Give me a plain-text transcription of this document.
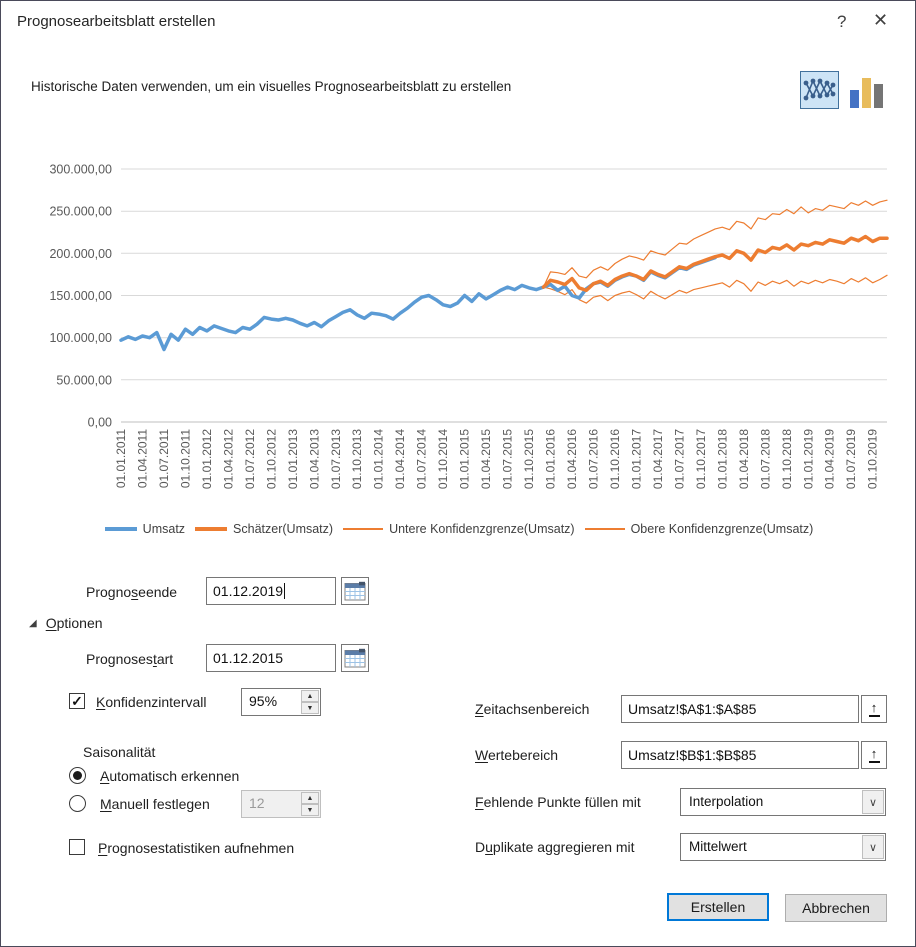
Prognosearbeitsblatt erstellen	? ✕
Historische Daten verwenden, um ein visuelles Prognosearbeitsblatt zu erstellen
0,00
50.000,00
100.000,00
150.000,00
200.000,00
250.000,00
300.000,00
01.01.2011 01.04.2011 01.07.2011 01.10.2011 01.01.2012 01.04.2012 01.07.2012 01.10.2012 01.01.2013 01.04.2013 01.07.2013 01.10.2013 01.01.2014 01.04.2014 01.07.2014 01.10.2014 01.01.2015 01.04.2015 01.07.2015 01.10.2015 01.01.2016 01.04.2016 01.07.2016 01.10.2016 01.01.2017 01.04.2017 01.07.2017 01.10.2017 01.01.2018 01.04.2018 01.07.2018 01.10.2018 01.01.2019 01.04.2019 01.07.2019 01.10.2019
Umsatz	Schätzer(Umsatz)	Untere Konfidenzgrenze(Umsatz)	Obere Konfidenzgrenze(Umsatz)
Prognoseende	01.12.2019
◢ Optionen
Prognosestart	01.12.2015
✓ Konfidenzintervall	95%	▲
▼
Saisonalität
Automatisch erkennen
Manuell festlegen	12	▲
▼
Prognosestatistiken aufnehmen
Zeitachsenbereich	Umsatz!$A$1:$A$85	↑
Wertebereich	Umsatz!$B$1:$B$85	↑
Fehlende Punkte füllen mit	Interpolation	∨
Duplikate aggregieren mit	Mittelwert	∨
Erstellen	Abbrechen
